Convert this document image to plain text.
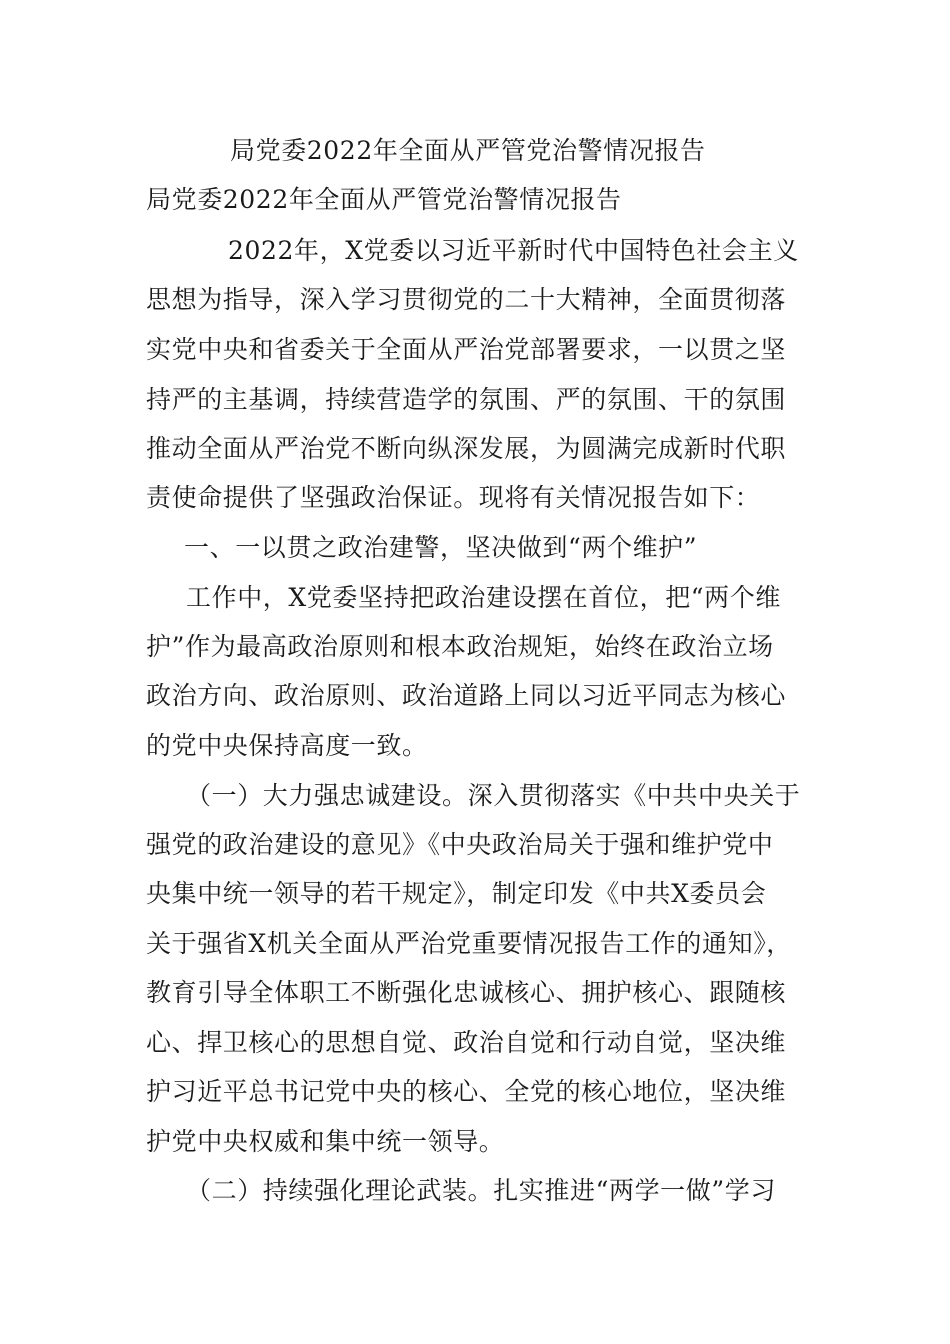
局党委2022年全面从严管党治警情况报告
局党委2022年全面从严管党治警情况报告
2022年，X党委以习近平新时代中国特色社会主义
思想为指导，深入学习贯彻党的二十大精神，全面贯彻落
实党中央和省委关于全面从严治党部署要求，一以贯之坚
持严的主基调，持续营造学的氛围、严的氛围、干的氛围
推动全面从严治党不断向纵深发展，为圆满完成新时代职
责使命提供了坚强政治保证。现将有关情况报告如下：
一、一以贯之政治建警，坚决做到“两个维护”
工作中，X党委坚持把政治建设摆在首位，把“两个维
护”作为最高政治原则和根本政治规矩，始终在政治立场
政治方向、政治原则、政治道路上同以习近平同志为核心
的党中央保持高度一致。
（一）大力强忠诚建设。深入贯彻落实《中共中央关于
强党的政治建设的意见》《中央政治局关于强和维护党中
央集中统一领导的若干规定》，制定印发《中共X委员会
关于强省X机关全面从严治党重要情况报告工作的通知》，
教育引导全体职工不断强化忠诚核心、拥护核心、跟随核
心、捍卫核心的思想自觉、政治自觉和行动自觉，坚决维
护习近平总书记党中央的核心、全党的核心地位，坚决维
护党中央权威和集中统一领导。
（二）持续强化理论武装。扎实推进“两学一做”学习
